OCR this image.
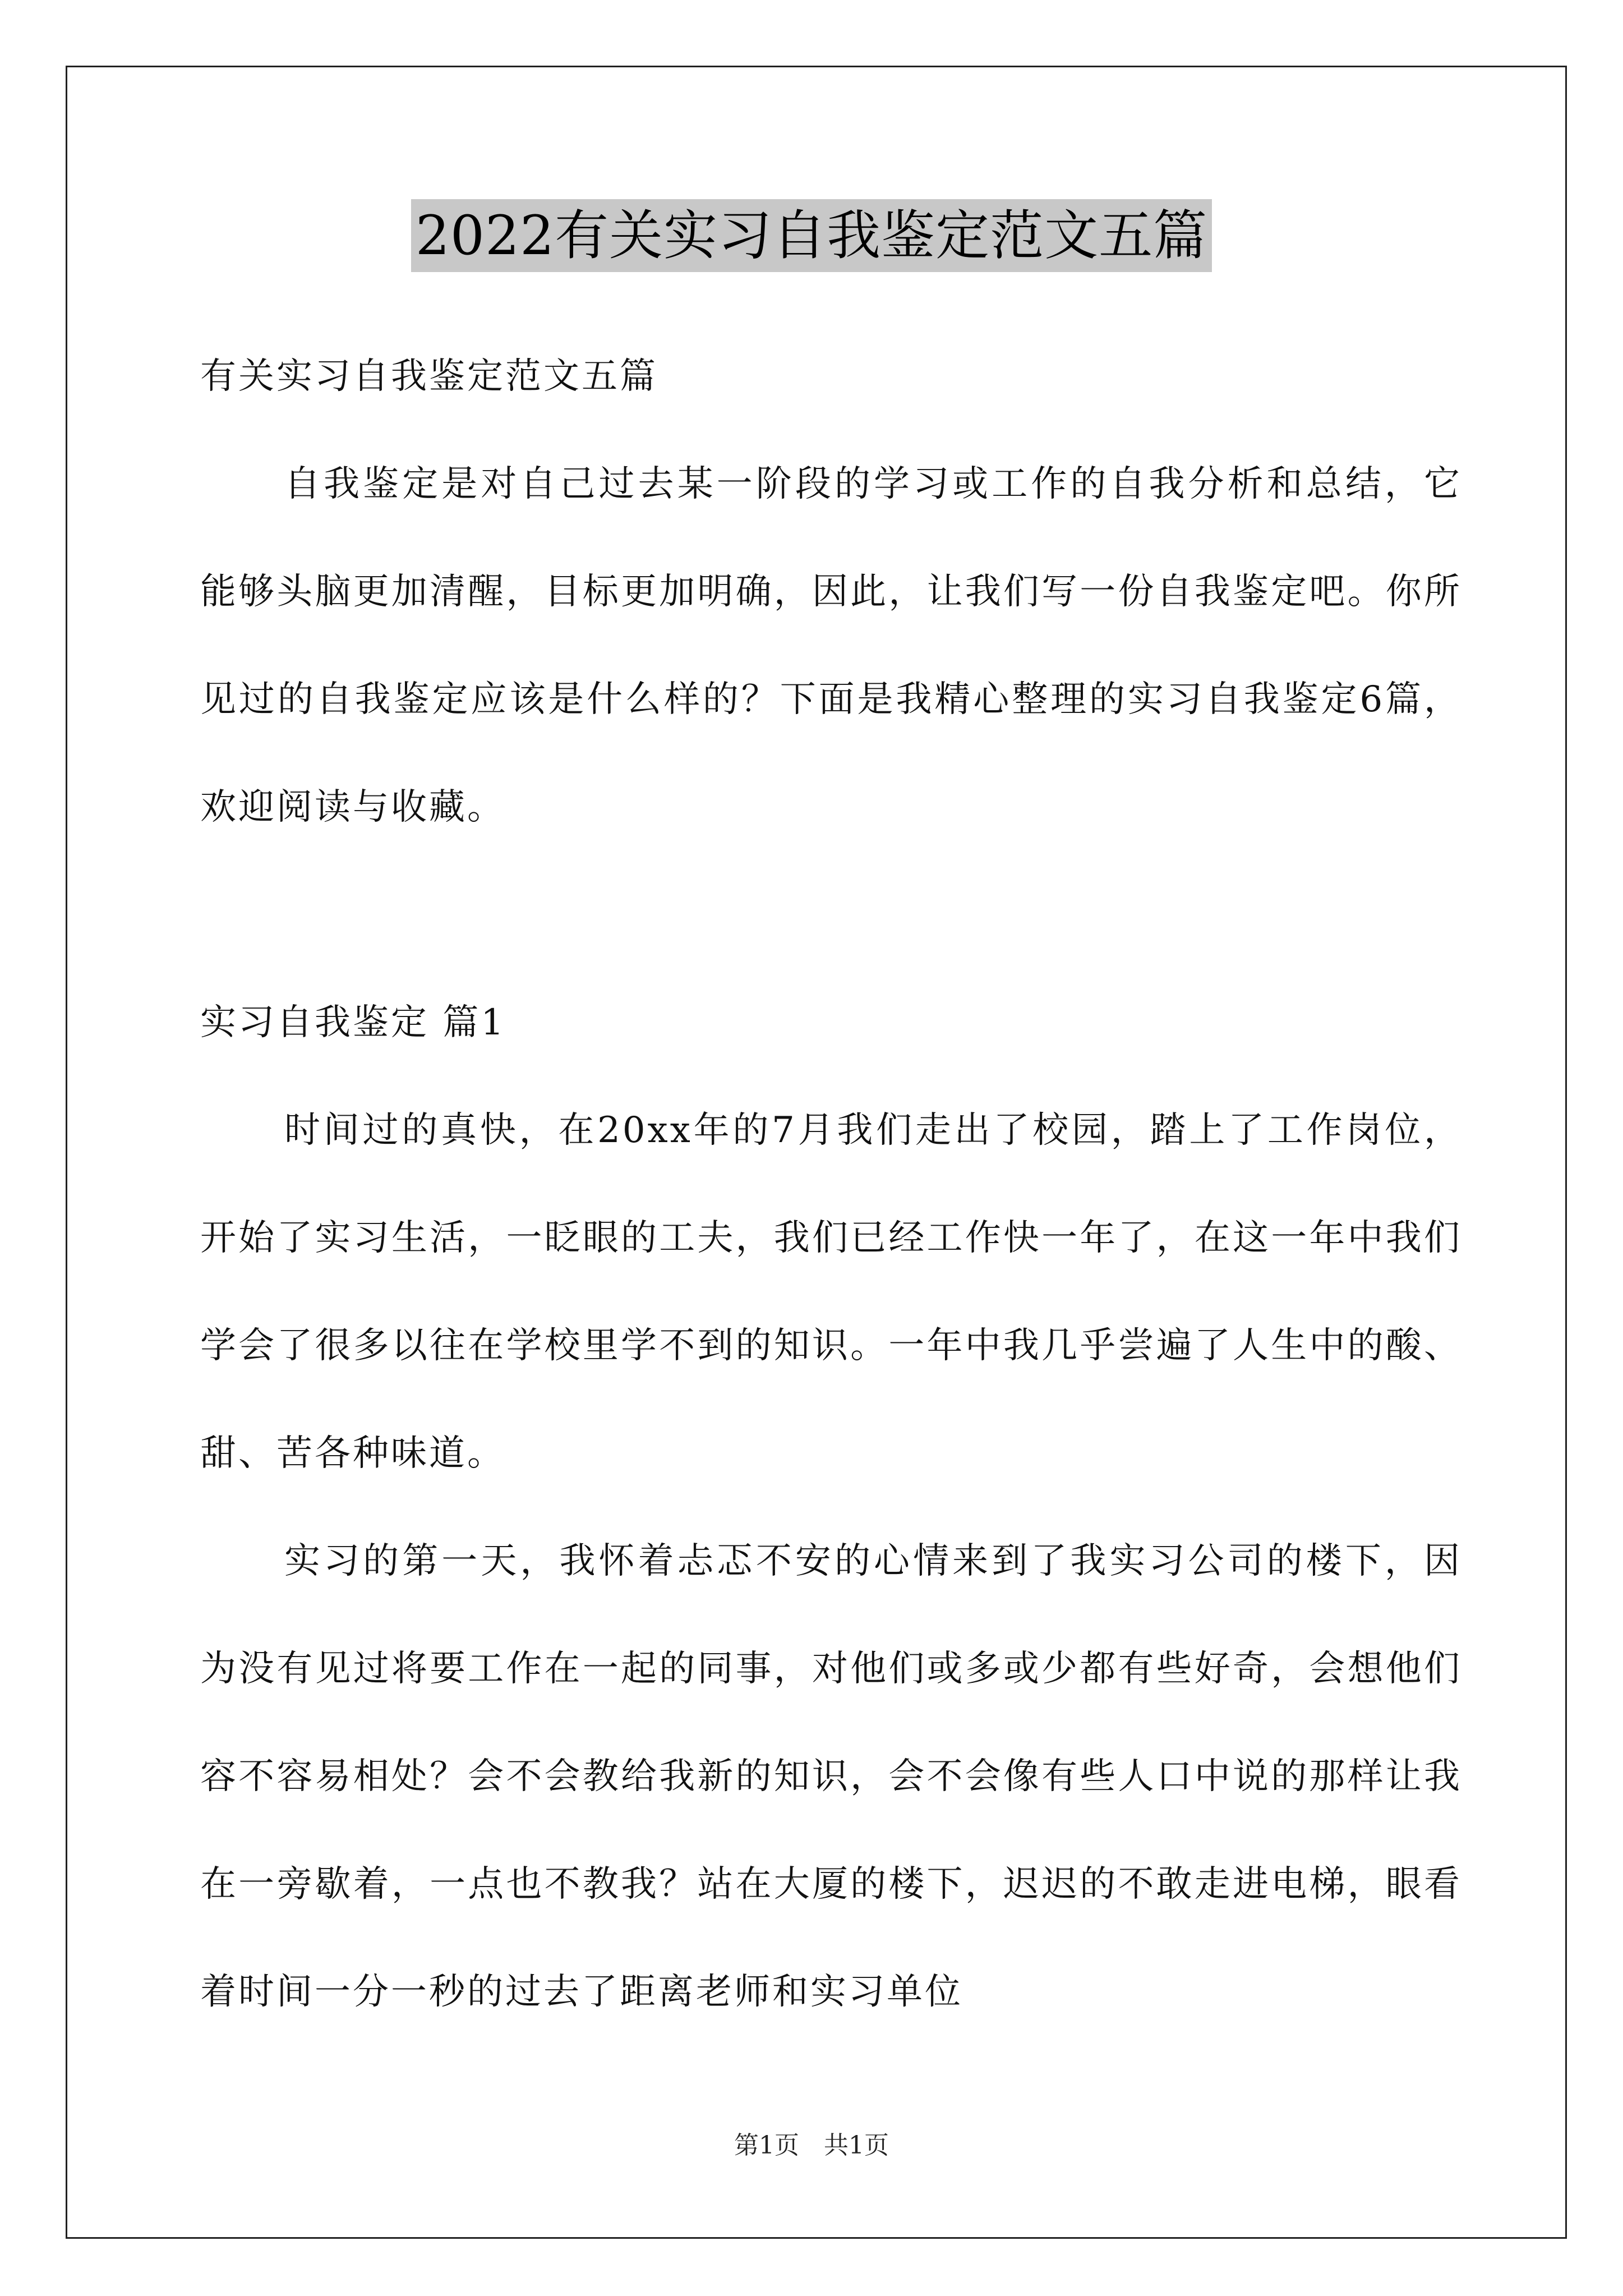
2022有关实习自我鉴定范文五篇

有关实习自我鉴定范文五篇

自我鉴定是对自己过去某一阶段的学习或工作的自我分析和总结，它能够头脑更加清醒，目标更加明确，因此，让我们写一份自我鉴定吧。你所见过的自我鉴定应该是什么样的？下面是我精心整理的实习自我鉴定6篇，欢迎阅读与收藏。

实习自我鉴定 篇1

时间过的真快，在20xx年的7月我们走出了校园，踏上了工作岗位，开始了实习生活，一眨眼的工夫，我们已经工作快一年了，在这一年中我们学会了很多以往在学校里学不到的知识。一年中我几乎尝遍了人生中的酸、甜、苦各种味道。

实习的第一天，我怀着忐忑不安的心情来到了我实习公司的楼下，因为没有见过将要工作在一起的同事，对他们或多或少都有些好奇，会想他们容不容易相处？会不会教给我新的知识，会不会像有些人口中说的那样让我在一旁歇着，一点也不教我？站在大厦的楼下，迟迟的不敢走进电梯，眼看着时间一分一秒的过去了距离老师和实习单位

第1页　共1页
